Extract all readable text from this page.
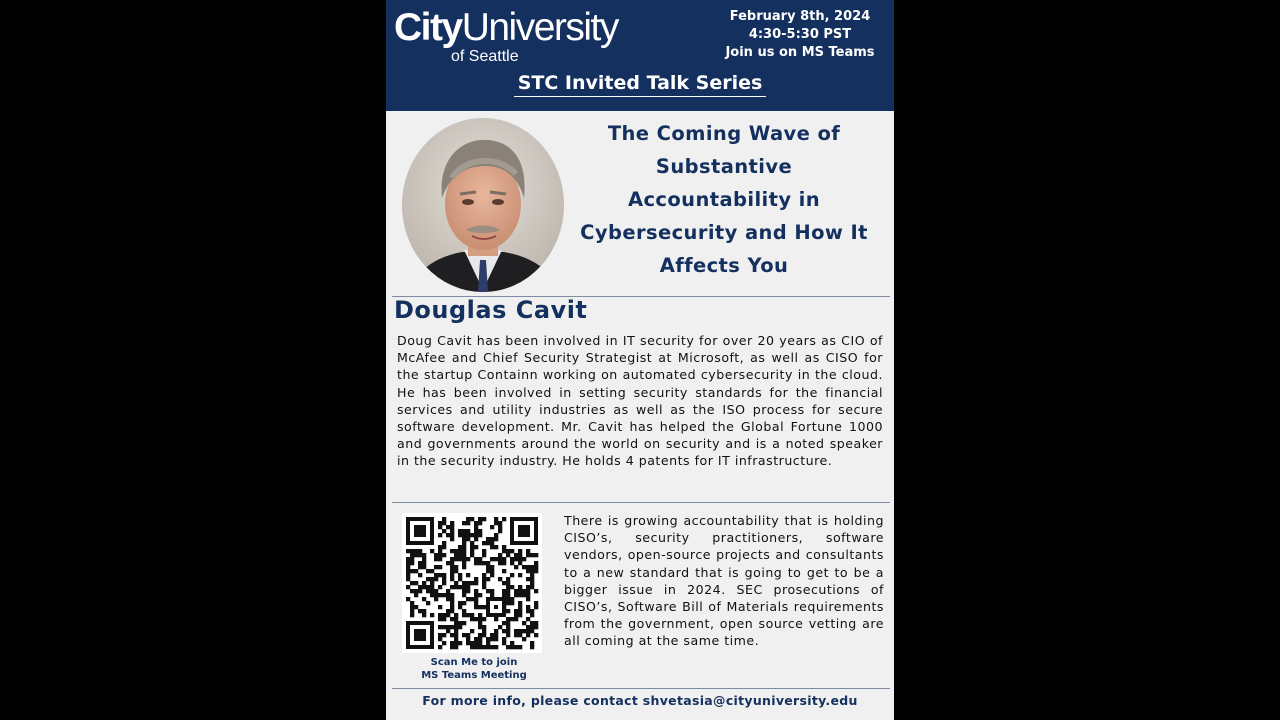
CityUniversity
of Seattle
February 8th, 2024
4:30-5:30 PST
Join us on MS Teams
STC Invited Talk Series
The Coming Wave of
Substantive
Accountability in
Cybersecurity and How It
Affects You
Douglas Cavit
Doug Cavit has been involved in IT security for over 20 years as CIO of McAfee and Chief Security Strategist at Microsoft, as well as CISO for the startup Containn working on automated cybersecurity in the cloud. He has been involved in setting security standards for the financial services and utility industries as well as the ISO process for secure software development. Mr. Cavit has helped the Global Fortune 1000 and governments around the world on security and is a noted speaker in the security industry. He holds 4 patents for IT infrastructure.
Scan Me to join
MS Teams Meeting
There is growing accountability that is holding CISO’s, security practitioners, software vendors, open-source projects and consultants to a new standard that is going to get to be a bigger issue in 2024. SEC prosecutions of CISO’s, Software Bill of Materials requirements from the government, open source vetting are all coming at the same time.
For more info, please contact shvetasia@cityuniversity.edu
